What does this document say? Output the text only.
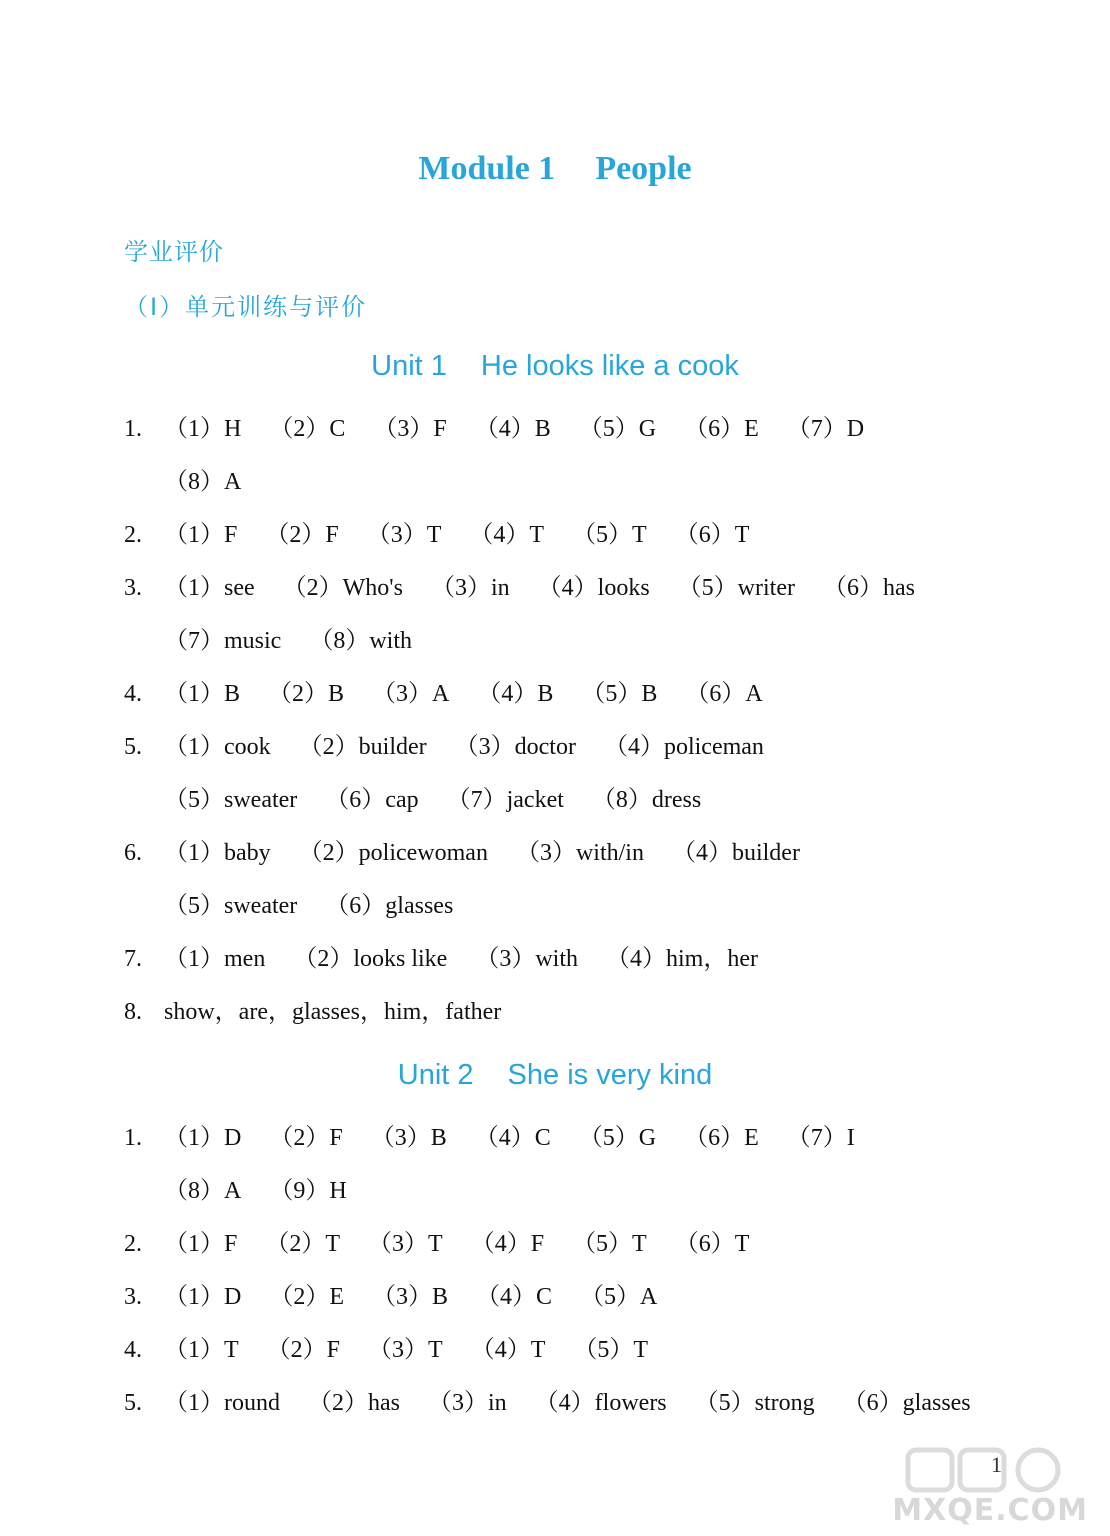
Module 1 People
学业评价
（Ⅰ）单元训练与评价
Unit 1 He looks like a cook
1. （1）H （2）C （3）F （4）B （5）G （6）E （7）D
（8）A
2. （1）F （2）F （3）T （4）T （5）T （6）T
3. （1）see （2）Who's （3）in （4）looks （5）writer （6）has
（7）music （8）with
4. （1）B （2）B （3）A （4）B （5）B （6）A
5. （1）cook （2）builder （3）doctor （4）policeman
（5）sweater （6）cap （7）jacket （8）dress
6. （1）baby （2）policewoman （3）with/in （4）builder
（5）sweater （6）glasses
7. （1）men （2）looks like （3）with （4）him，her
8. show，are，glasses，him，father
Unit 2 She is very kind
1. （1）D （2）F （3）B （4）C （5）G （6）E （7）I
（8）A （9）H
2. （1）F （2）T （3）T （4）F （5）T （6）T
3. （1）D （2）E （3）B （4）C （5）A
4. （1）T （2）F （3）T （4）T （5）T
5. （1）round （2）has （3）in （4）flowers （5）strong （6）glasses
1
MXQE.COM
